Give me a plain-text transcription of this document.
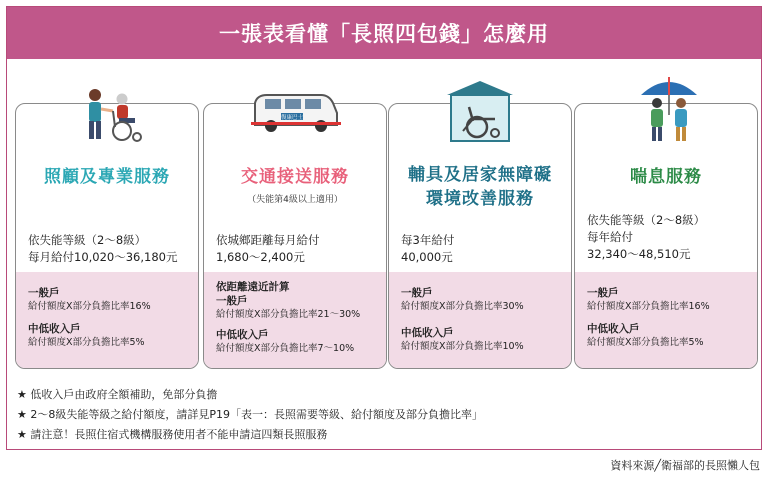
一張表看懂「長照四包錢」怎麼用
照顧及專業服務
依失能等級（2～8級）
每月給付10,020～36,180元
一般戶
給付額度X部分負擔比率16%
中低收入戶
給付額度X部分負擔比率5%
交通接送服務
（失能第4級以上適用）
依城鄉距離每月給付
1,680～2,400元
依距離遠近計算
一般戶
給付額度X部分負擔比率21～30%
中低收入戶
給付額度X部分負擔比率7～10%
輔具及居家無障礙
環境改善服務
每3年給付
40,000元
一般戶
給付額度X部分負擔比率30%
中低收入戶
給付額度X部分負擔比率10%
喘息服務
依失能等級（2～8級）
每年給付
32,340～48,510元
一般戶
給付額度X部分負擔比率16%
中低收入戶
給付額度X部分負擔比率5%
復康巴士
★ 低收入戶由政府全額補助，免部分負擔
★ 2～8級失能等級之給付額度，請詳見P19「表一：長照需要等級、給付額度及部分負擔比率」
★ 請注意！長照住宿式機構服務使用者不能申請這四類長照服務
資料來源╱衛福部的長照懶人包
